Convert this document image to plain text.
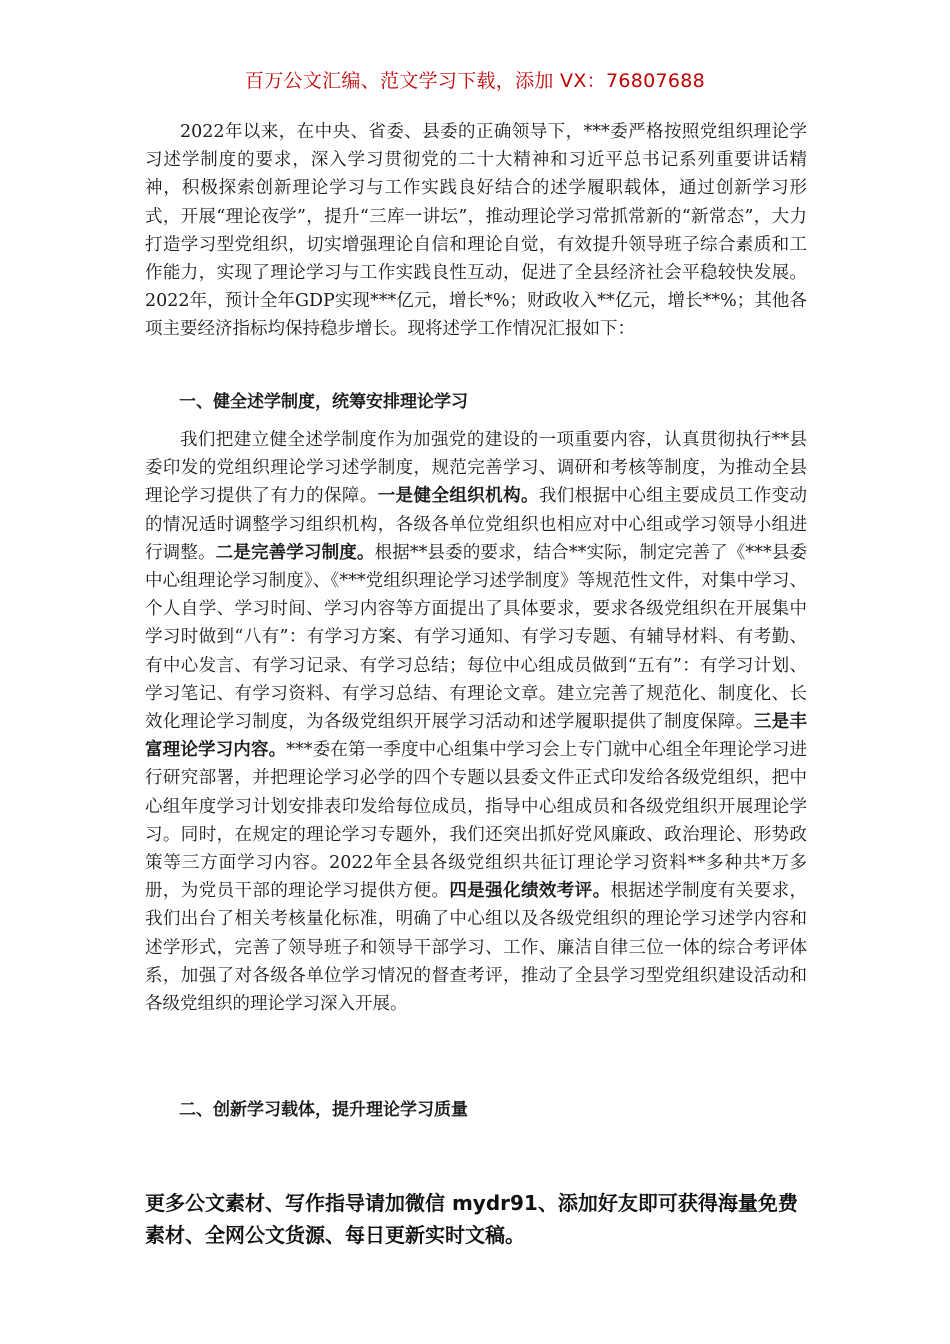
百万公文汇编、范文学习下载，添加 VX：76807688

2022年以来，在中央、省委、县委的正确领导下，***委严格按照党组织理论学习述学制度的要求，深入学习贯彻党的二十大精神和习近平总书记系列重要讲话精神，积极探索创新理论学习与工作实践良好结合的述学履职载体，通过创新学习形式，开展“理论夜学”，提升“三库一讲坛”，推动理论学习常抓常新的“新常态”，大力打造学习型党组织，切实增强理论自信和理论自觉，有效提升领导班子综合素质和工作能力，实现了理论学习与工作实践良性互动，促进了全县经济社会平稳较快发展。2022年，预计全年GDP实现***亿元，增长*%；财政收入**亿元，增长**%；其他各项主要经济指标均保持稳步增长。现将述学工作情况汇报如下：

一、健全述学制度，统筹安排理论学习

我们把建立健全述学制度作为加强党的建设的一项重要内容，认真贯彻执行**县委印发的党组织理论学习述学制度，规范完善学习、调研和考核等制度，为推动全县理论学习提供了有力的保障。一是健全组织机构。我们根据中心组主要成员工作变动的情况适时调整学习组织机构，各级各单位党组织也相应对中心组或学习领导小组进行调整。二是完善学习制度。根据**县委的要求，结合**实际，制定完善了《***县委中心组理论学习制度》、《***党组织理论学习述学制度》等规范性文件，对集中学习、个人自学、学习时间、学习内容等方面提出了具体要求，要求各级党组织在开展集中学习时做到“八有”：有学习方案、有学习通知、有学习专题、有辅导材料、有考勤、有中心发言、有学习记录、有学习总结；每位中心组成员做到“五有”：有学习计划、学习笔记、有学习资料、有学习总结、有理论文章。建立完善了规范化、制度化、长效化理论学习制度，为各级党组织开展学习活动和述学履职提供了制度保障。三是丰富理论学习内容。***委在第一季度中心组集中学习会上专门就中心组全年理论学习进行研究部署，并把理论学习必学的四个专题以县委文件正式印发给各级党组织，把中心组年度学习计划安排表印发给每位成员，指导中心组成员和各级党组织开展理论学习。同时，在规定的理论学习专题外，我们还突出抓好党风廉政、政治理论、形势政策等三方面学习内容。2022年全县各级党组织共征订理论学习资料**多种共*万多册，为党员干部的理论学习提供方便。四是强化绩效考评。根据述学制度有关要求，我们出台了相关考核量化标准，明确了中心组以及各级党组织的理论学习述学内容和述学形式，完善了领导班子和领导干部学习、工作、廉洁自律三位一体的综合考评体系，加强了对各级各单位学习情况的督查考评，推动了全县学习型党组织建设活动和各级党组织的理论学习深入开展。

二、创新学习载体，提升理论学习质量

更多公文素材、写作指导请加微信 mydr91、添加好友即可获得海量免费素材、全网公文货源、每日更新实时文稿。
